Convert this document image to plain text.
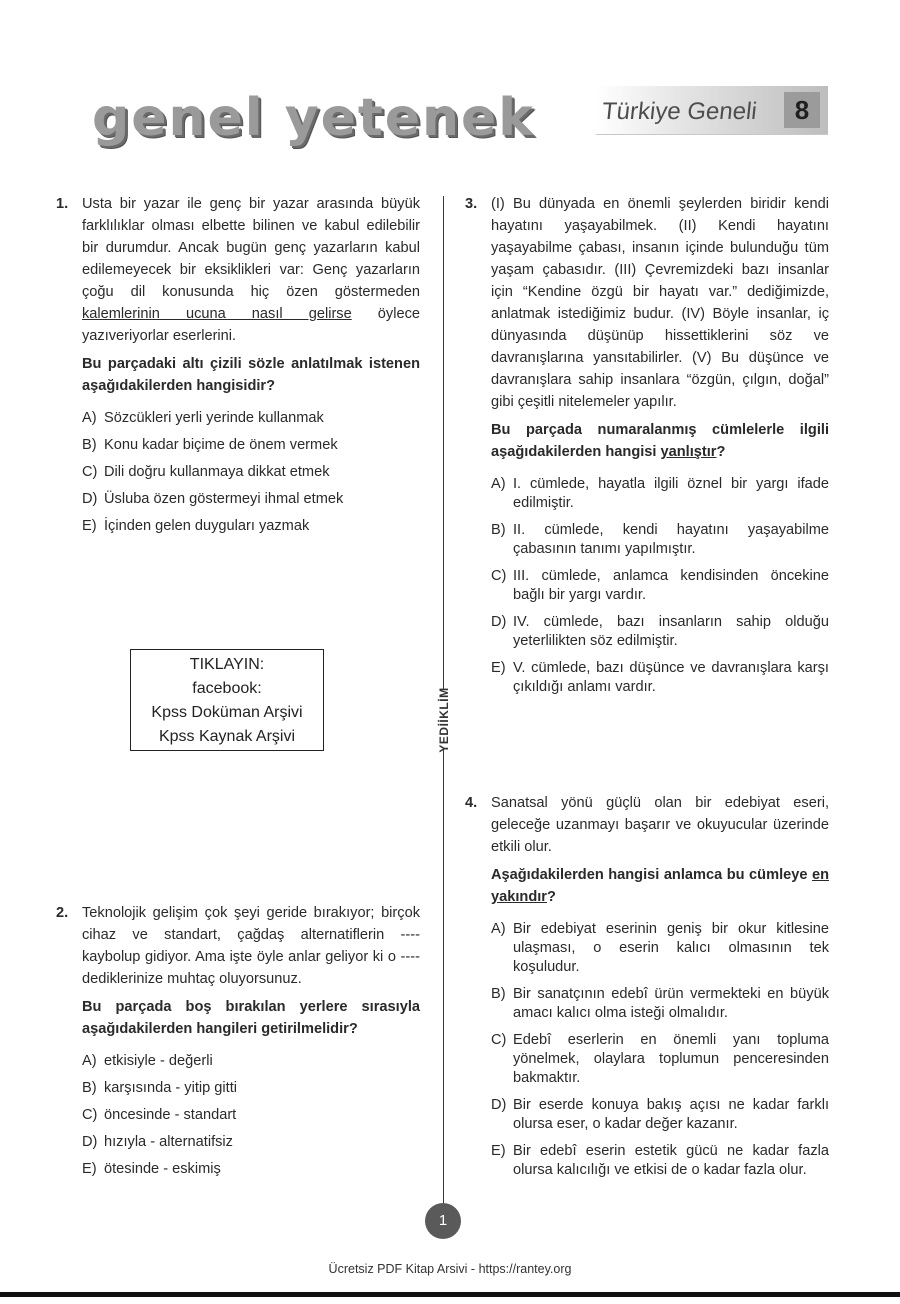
genel yetenek	Türkiye Geneli	8
YEDİİKLİM
1. Usta bir yazar ile genç bir yazar arasında büyük farklılıklar olması elbette bilinen ve kabul edilebilir bir durumdur. Ancak bugün genç yazarların kabul edilemeyecek bir eksiklikleri var: Genç yazarların çoğu dil konusunda hiç özen göstermeden kalemlerinin ucuna nasıl gelirse öylece yazıveriyorlar eserlerini.

Bu parçadaki altı çizili sözle anlatılmak istenen aşağıdakilerden hangisidir?

A) Sözcükleri yerli yerinde kullanmak
B) Konu kadar biçime de önem vermek
C) Dili doğru kullanmaya dikkat etmek
D) Üsluba özen göstermeyi ihmal etmek
E) İçinden gelen duyguları yazmak
TIKLAYIN:
facebook:
Kpss Doküman Arşivi
Kpss Kaynak Arşivi
2. Teknolojik gelişim çok şeyi geride bırakıyor; birçok cihaz ve standart, çağdaş alternatiflerin ---- kaybolup gidiyor. Ama işte öyle anlar geliyor ki o ---- dediklerinize muhtaç oluyorsunuz.

Bu parçada boş bırakılan yerlere sırasıyla aşağıdakilerden hangileri getirilmelidir?

A) etkisiyle - değerli
B) karşısında - yitip gitti
C) öncesinde - standart
D) hızıyla - alternatifsiz
E) ötesinde - eskimiş
3. (I) Bu dünyada en önemli şeylerden biridir kendi hayatını yaşayabilmek. (II) Kendi hayatını yaşayabilme çabası, insanın içinde bulunduğu tüm yaşam çabasıdır. (III) Çevremizdeki bazı insanlar için “Kendine özgü bir hayatı var.” dediğimizde, anlatmak istediğimiz budur. (IV) Böyle insanlar, iç dünyasında düşünüp hissettiklerini söz ve davranışlarına yansıtabilirler. (V) Bu düşünce ve davranışlara sahip insanlara “özgün, çılgın, doğal” gibi çeşitli nitelemeler yapılır.

Bu parçada numaralanmış cümlelerle ilgili aşağıdakilerden hangisi yanlıştır?

A) I. cümlede, hayatla ilgili öznel bir yargı ifade edilmiştir.
B) II. cümlede, kendi hayatını yaşayabilme çabasının tanımı yapılmıştır.
C) III. cümlede, anlamca kendisinden öncekine bağlı bir yargı vardır.
D) IV. cümlede, bazı insanların sahip olduğu yeterlilikten söz edilmiştir.
E) V. cümlede, bazı düşünce ve davranışlara karşı çıkıldığı anlamı vardır.
4. Sanatsal yönü güçlü olan bir edebiyat eseri, geleceğe uzanmayı başarır ve okuyucular üzerinde etkili olur.

Aşağıdakilerden hangisi anlamca bu cümleye en yakındır?

A) Bir edebiyat eserinin geniş bir okur kitlesine ulaşması, o eserin kalıcı olmasının tek koşuludur.
B) Bir sanatçının edebî ürün vermekteki en büyük amacı kalıcı olma isteği olmalıdır.
C) Edebî eserlerin en önemli yanı topluma yönelmek, olaylara toplumun penceresinden bakmaktır.
D) Bir eserde konuya bakış açısı ne kadar farklı olursa eser, o kadar değer kazanır.
E) Bir edebî eserin estetik gücü ne kadar fazla olursa kalıcılığı ve etkisi de o kadar fazla olur.
1
Ücretsiz PDF Kitap Arsivi - https://rantey.org
